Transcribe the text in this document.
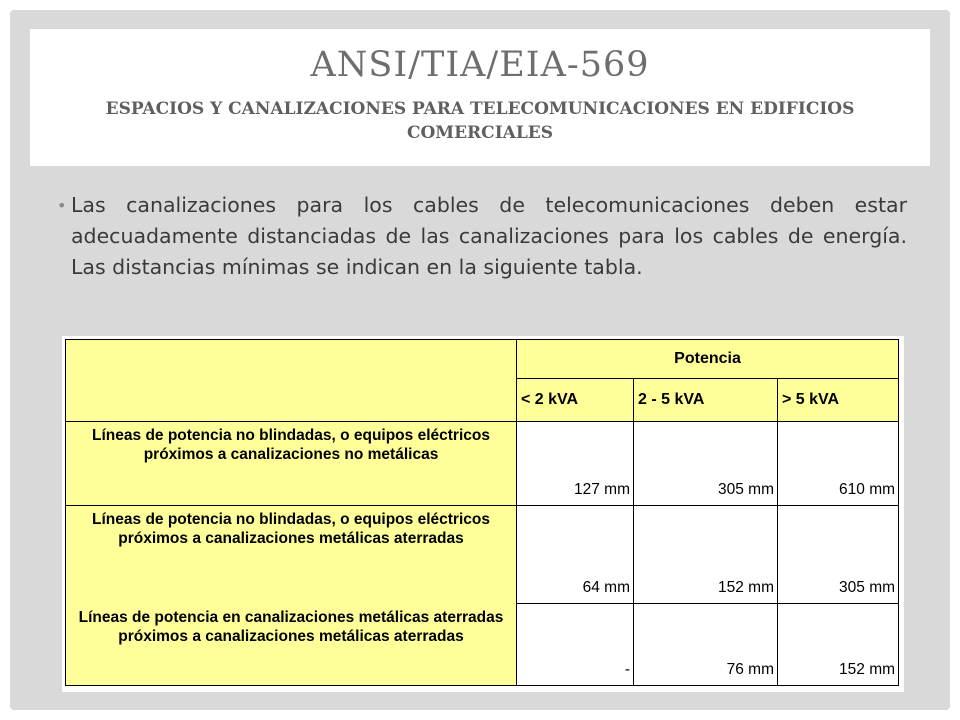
ANSI/TIA/EIA-569
ESPACIOS Y CANALIZACIONES PARA TELECOMUNICACIONES EN EDIFICIOS COMERCIALES
• Las canalizaciones para los cables de telecomunicaciones deben estar adecuadamente distanciadas de las canalizaciones para los cables de energía. Las distancias mínimas se indican en la siguiente tabla.
	Potencia		
	< 2 kVA	2 - 5 kVA	> 5 kVA
Líneas de potencia no blindadas, o equipos eléctricos próximos a canalizaciones no metálicas	127 mm	305 mm	610 mm
Líneas de potencia no blindadas, o equipos eléctricos próximos a canalizaciones metálicas aterradas	64 mm	152 mm	305 mm
Líneas de potencia en canalizaciones metálicas aterradas próximos a canalizaciones metálicas aterradas	-	76 mm	152 mm
